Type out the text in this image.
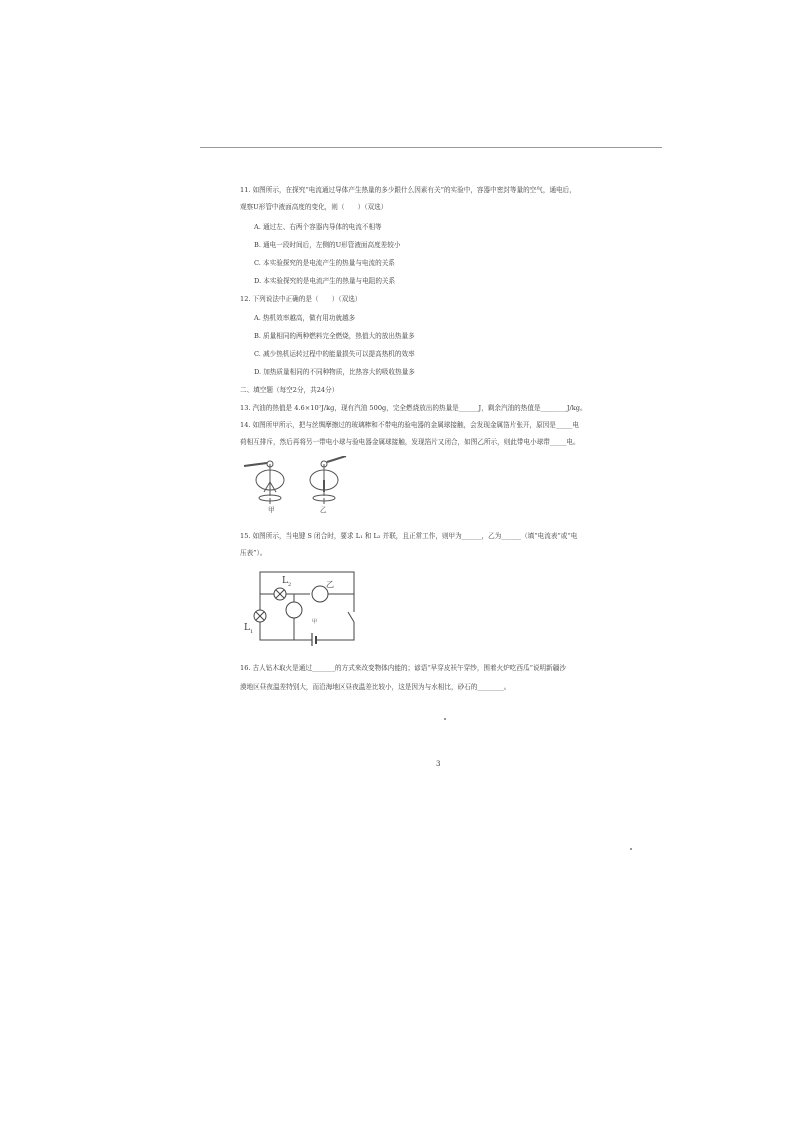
11. 如图所示，在探究“电流通过导体产生热量的多少跟什么因素有关”的实验中，容器中密封等量的空气，通电后，
观察U形管中液面高度的变化，则（　　）（双选）
A. 通过左、右两个容器内导体的电流不相等
B. 通电一段时间后，左侧的U形管液面高度差较小
C. 本实验探究的是电流产生的热量与电流的关系
D. 本实验探究的是电流产生的热量与电阻的关系
12. 下列说法中正确的是（　　）（双选）
A. 热机效率越高，做有用功就越多
B. 质量相同的两种燃料完全燃烧，热值大的放出热量多
C. 减少热机运转过程中的能量损失可以提高热机的效率
D. 加热质量相同的不同种物质，比热容大的吸收热量多
二、填空题（每空2分，共24分）
13. 汽油的热值是 4.6×10⁷J/kg，现有汽油 500g，完全燃烧放出的热量是______J，剩余汽油的热值是________J/kg。
14. 如图所甲所示，把与丝绸摩擦过的玻璃棒和不带电的验电器的金属球接触，会发现金属箔片张开，原因是_____电
荷相互排斥，然后再将另一带电小球与验电器金属球接触，发现箔片又闭合，如图乙所示，则此带电小球带_____电。
甲	乙
15. 如图所示，当电键 S 闭合时，要求 L₁ 和 L₂ 并联，且正常工作，则甲为______，乙为______（填“电流表”或“电
压表”）。
$L_2$
$L_1$
乙
甲
16. 古人钻木取火是通过_______的方式来改变物体内能的；谚语“早穿皮袄午穿纱，围着火炉吃西瓜”说明新疆沙
漠地区昼夜温差特别大，而沿海地区昼夜温差比较小，这是因为与水相比，砂石的________。
3
